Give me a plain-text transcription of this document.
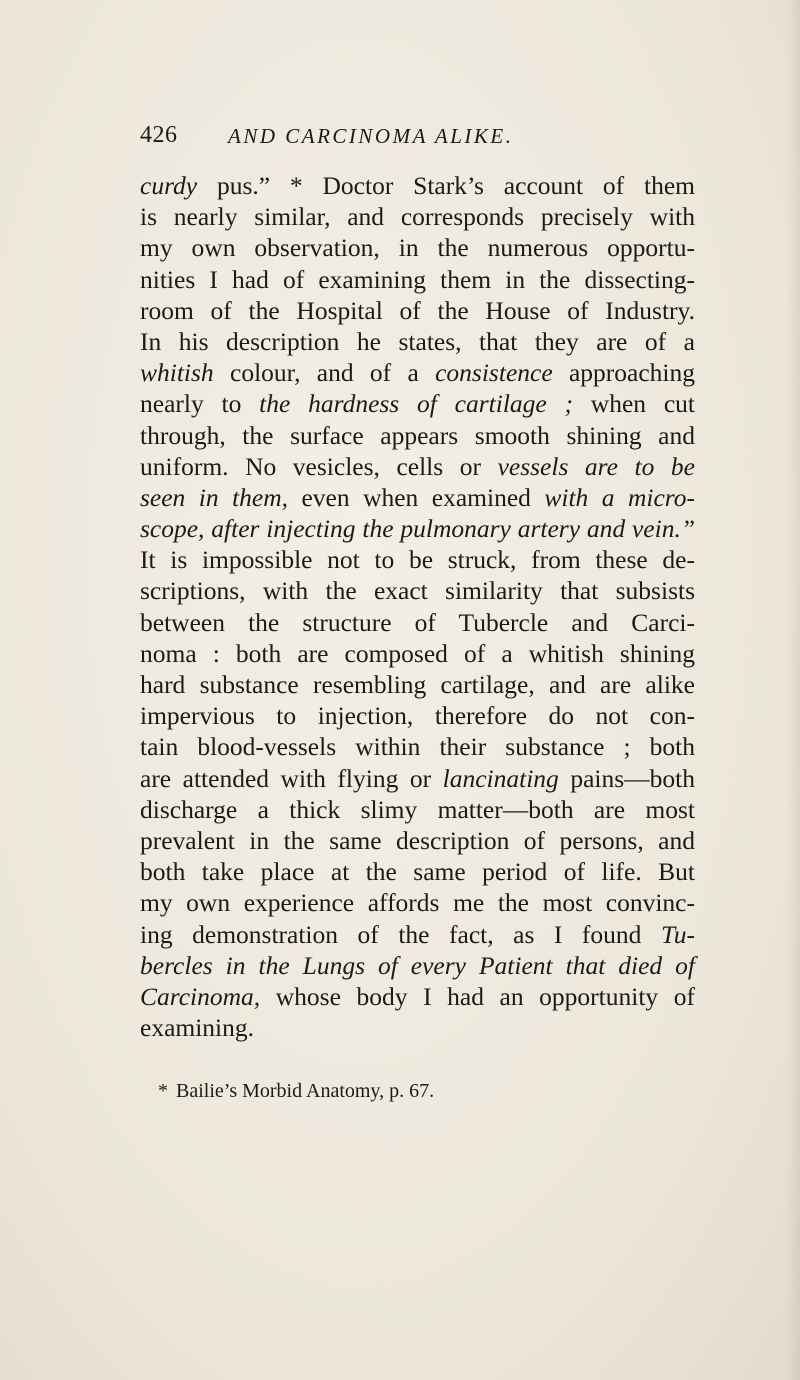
426 AND CARCINOMA ALIKE.
curdy pus.” * Doctor Stark’s account of them
is nearly similar, and corresponds precisely with
my own observation, in the numerous opportu-
nities I had of examining them in the dissecting-
room of the Hospital of the House of Industry.
In his description he states, that they are of a
whitish colour, and of a consistence approaching
nearly to the hardness of cartilage ; when cut
through, the surface appears smooth shining and
uniform. No vesicles, cells or vessels are to be
seen in them, even when examined with a micro-
scope, after injecting the pulmonary artery and vein.”
It is impossible not to be struck, from these de-
scriptions, with the exact similarity that subsists
between the structure of Tubercle and Carci-
noma : both are composed of a whitish shining
hard substance resembling cartilage, and are alike
impervious to injection, therefore do not con-
tain blood-vessels within their substance ; both
are attended with flying or lancinating pains—both
discharge a thick slimy matter—both are most
prevalent in the same description of persons, and
both take place at the same period of life. But
my own experience affords me the most convinc-
ing demonstration of the fact, as I found Tu-
bercles in the Lungs of every Patient that died of
Carcinoma, whose body I had an opportunity of
examining.
* Bailie’s Morbid Anatomy, p. 67.
